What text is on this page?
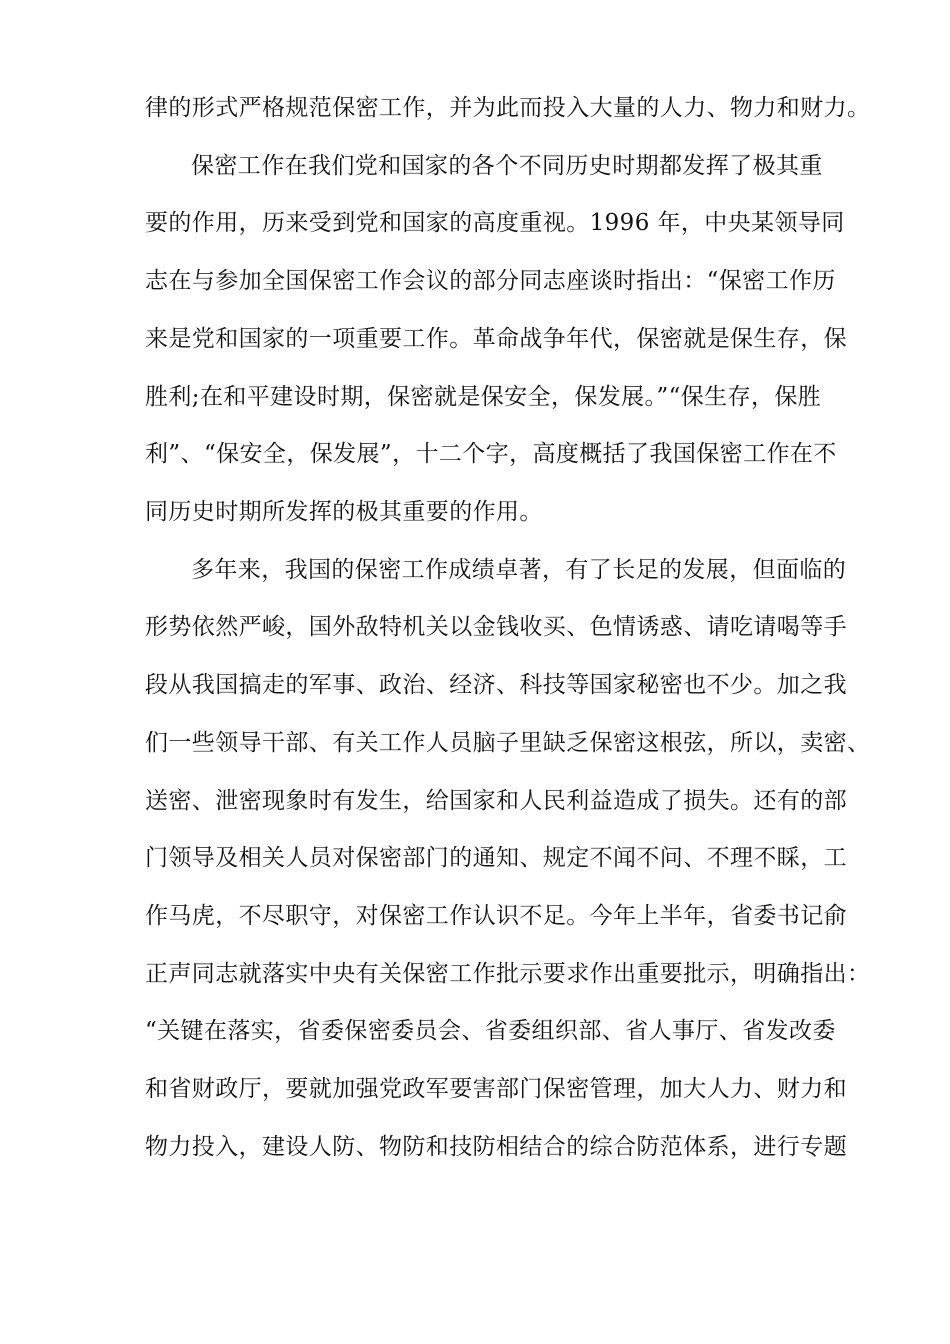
律的形式严格规范保密工作，并为此而投入大量的人力、物力和财力。
保密工作在我们党和国家的各个不同历史时期都发挥了极其重
要的作用，历来受到党和国家的高度重视。1996 年，中央某领导同
志在与参加全国保密工作会议的部分同志座谈时指出：“保密工作历
来是党和国家的一项重要工作。革命战争年代，保密就是保生存，保
胜利;在和平建设时期，保密就是保安全，保发展。”“保生存，保胜
利”、“保安全，保发展”，十二个字，高度概括了我国保密工作在不
同历史时期所发挥的极其重要的作用。
多年来，我国的保密工作成绩卓著，有了长足的发展，但面临的
形势依然严峻，国外敌特机关以金钱收买、色情诱惑、请吃请喝等手
段从我国搞走的军事、政治、经济、科技等国家秘密也不少。加之我
们一些领导干部、有关工作人员脑子里缺乏保密这根弦，所以，卖密、
送密、泄密现象时有发生，给国家和人民利益造成了损失。还有的部
门领导及相关人员对保密部门的通知、规定不闻不问、不理不睬，工
作马虎，不尽职守，对保密工作认识不足。今年上半年，省委书记俞
正声同志就落实中央有关保密工作批示要求作出重要批示，明确指出：
“关键在落实，省委保密委员会、省委组织部、省人事厅、省发改委
和省财政厅，要就加强党政军要害部门保密管理，加大人力、财力和
物力投入，建设人防、物防和技防相结合的综合防范体系，进行专题
